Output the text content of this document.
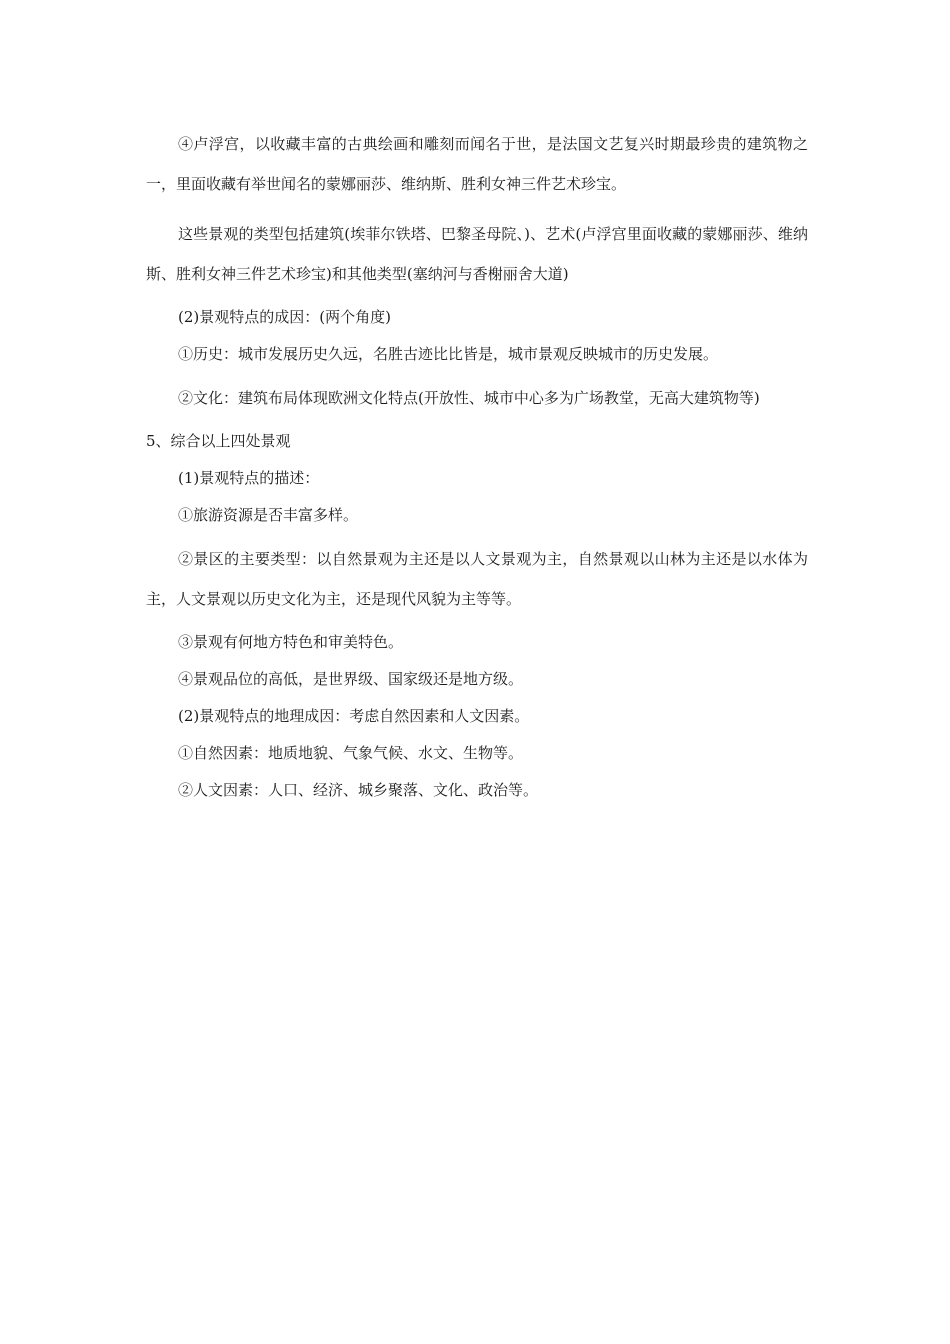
④卢浮宫，以收藏丰富的古典绘画和雕刻而闻名于世，是法国文艺复兴时期最珍贵的建筑物之一，里面收藏有举世闻名的蒙娜丽莎、维纳斯、胜利女神三件艺术珍宝。

这些景观的类型包括建筑(埃菲尔铁塔、巴黎圣母院、)、艺术(卢浮宫里面收藏的蒙娜丽莎、维纳斯、胜利女神三件艺术珍宝)和其他类型(塞纳河与香榭丽舍大道)

(2)景观特点的成因：(两个角度)

①历史：城市发展历史久远，名胜古迹比比皆是，城市景观反映城市的历史发展。

②文化：建筑布局体现欧洲文化特点(开放性、城市中心多为广场教堂，无高大建筑物等)

5、综合以上四处景观

(1)景观特点的描述：

①旅游资源是否丰富多样。

②景区的主要类型：以自然景观为主还是以人文景观为主，自然景观以山林为主还是以水体为主，人文景观以历史文化为主，还是现代风貌为主等等。

③景观有何地方特色和审美特色。

④景观品位的高低，是世界级、国家级还是地方级。

(2)景观特点的地理成因：考虑自然因素和人文因素。

①自然因素：地质地貌、气象气候、水文、生物等。

②人文因素：人口、经济、城乡聚落、文化、政治等。
